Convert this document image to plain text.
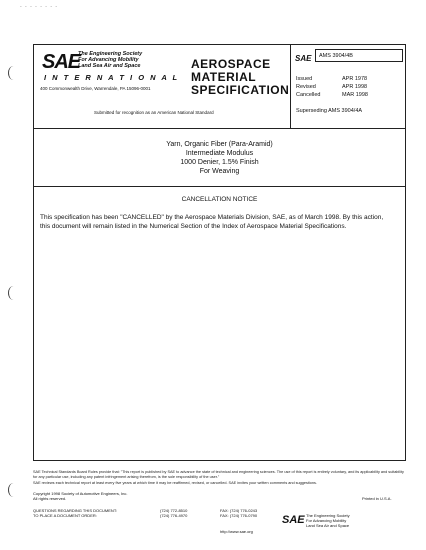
- - - - - - - -
SAE
The Engineering Society
For Advancing Mobility
Land Sea Air and Space
I N T E R N A T I O N A L
400 Commonwealth Drive, Warrendale, PA 15096-0001
AEROSPACE
MATERIAL
SPECIFICATION
Submitted for recognition as an American National Standard
SAE	AMS 3904/4B
Issued	APR 1978
Revised	APR 1998
Cancelled	MAR 1998
Superseding AMS 3904/4A
Yarn, Organic Fiber (Para-Aramid)
Intermediate Modulus
1000 Denier, 1.5% Finish
For Weaving
CANCELLATION NOTICE
This specification has been "CANCELLED" by the Aerospace Materials Division, SAE, as of March 1998. By this action, this document will remain listed in the Numerical Section of the Index of Aerospace Material Specifications.
SAE Technical Standards Board Rules provide that: "This report is published by SAE to advance the state of technical and engineering sciences. The use of this report is entirely voluntary, and its applicability and suitability for any particular use, including any patent infringement arising therefrom, is the sole responsibility of the user."
SAE reviews each technical report at least every five years at which time it may be reaffirmed, revised, or cancelled. SAE invites your written comments and suggestions.
Copyright 1998 Society of Automotive Engineers, Inc.
All rights reserved.	Printed in U.S.A.
QUESTIONS REGARDING THIS DOCUMENT:
TO PLACE A DOCUMENT ORDER:
(724) 772-8510
(724) 776-4970
FAX: (724) 776-0243
FAX: (724) 776-0790
http://www.sae.org
SAE The Engineering Society
For Advancing Mobility
Land Sea Air and Space
